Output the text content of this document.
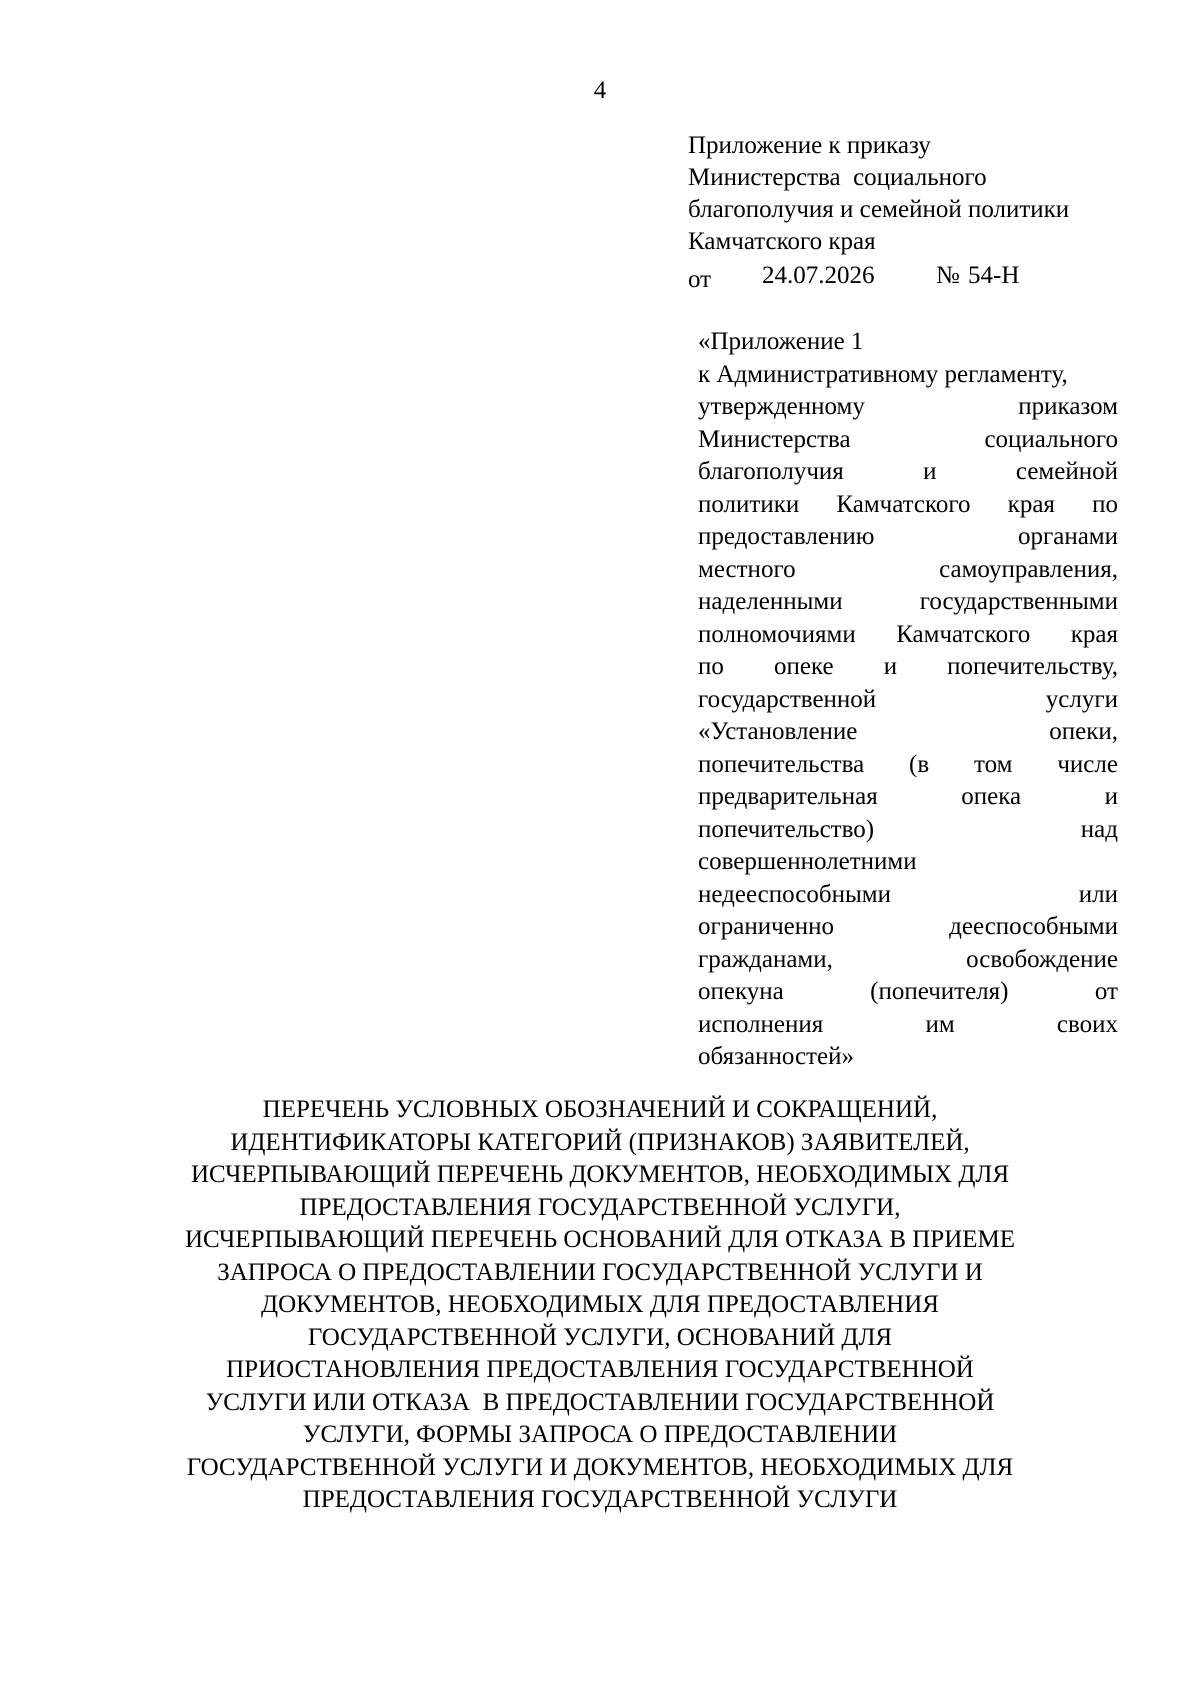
4
Приложение к приказу
Министерства  социального
благополучия и семейной политики
Камчатского края
от 24.07.2026 № 54-Н
«Приложение 1
к Административному регламенту,
утвержденному	приказом
Министерства	социального
благополучия	и	семейной
политики Камчатского края по
предоставлению	органами
местного	самоуправления,
наделенными	государственными
полномочиями Камчатского края
по опеке и попечительству,
государственной	услуги
«Установление	опеки,
попечительства (в том числе
предварительная	опека	и
попечительство)	над
совершеннолетними
недееспособными	или
ограниченно	дееспособными
гражданами,	освобождение
опекуна	(попечителя)	от
исполнения	им	своих
обязанностей»
ПЕРЕЧЕНЬ УСЛОВНЫХ ОБОЗНАЧЕНИЙ И СОКРАЩЕНИЙ,
ИДЕНТИФИКАТОРЫ КАТЕГОРИЙ (ПРИЗНАКОВ) ЗАЯВИТЕЛЕЙ,
ИСЧЕРПЫВАЮЩИЙ ПЕРЕЧЕНЬ ДОКУМЕНТОВ, НЕОБХОДИМЫХ ДЛЯ
ПРЕДОСТАВЛЕНИЯ ГОСУДАРСТВЕННОЙ УСЛУГИ,
ИСЧЕРПЫВАЮЩИЙ ПЕРЕЧЕНЬ ОСНОВАНИЙ ДЛЯ ОТКАЗА В ПРИЕМЕ
ЗАПРОСА О ПРЕДОСТАВЛЕНИИ ГОСУДАРСТВЕННОЙ УСЛУГИ И
ДОКУМЕНТОВ, НЕОБХОДИМЫХ ДЛЯ ПРЕДОСТАВЛЕНИЯ
ГОСУДАРСТВЕННОЙ УСЛУГИ, ОСНОВАНИЙ ДЛЯ
ПРИОСТАНОВЛЕНИЯ ПРЕДОСТАВЛЕНИЯ ГОСУДАРСТВЕННОЙ
УСЛУГИ ИЛИ ОТКАЗА  В ПРЕДОСТАВЛЕНИИ ГОСУДАРСТВЕННОЙ
УСЛУГИ, ФОРМЫ ЗАПРОСА О ПРЕДОСТАВЛЕНИИ
ГОСУДАРСТВЕННОЙ УСЛУГИ И ДОКУМЕНТОВ, НЕОБХОДИМЫХ ДЛЯ
ПРЕДОСТАВЛЕНИЯ ГОСУДАРСТВЕННОЙ УСЛУГИ
